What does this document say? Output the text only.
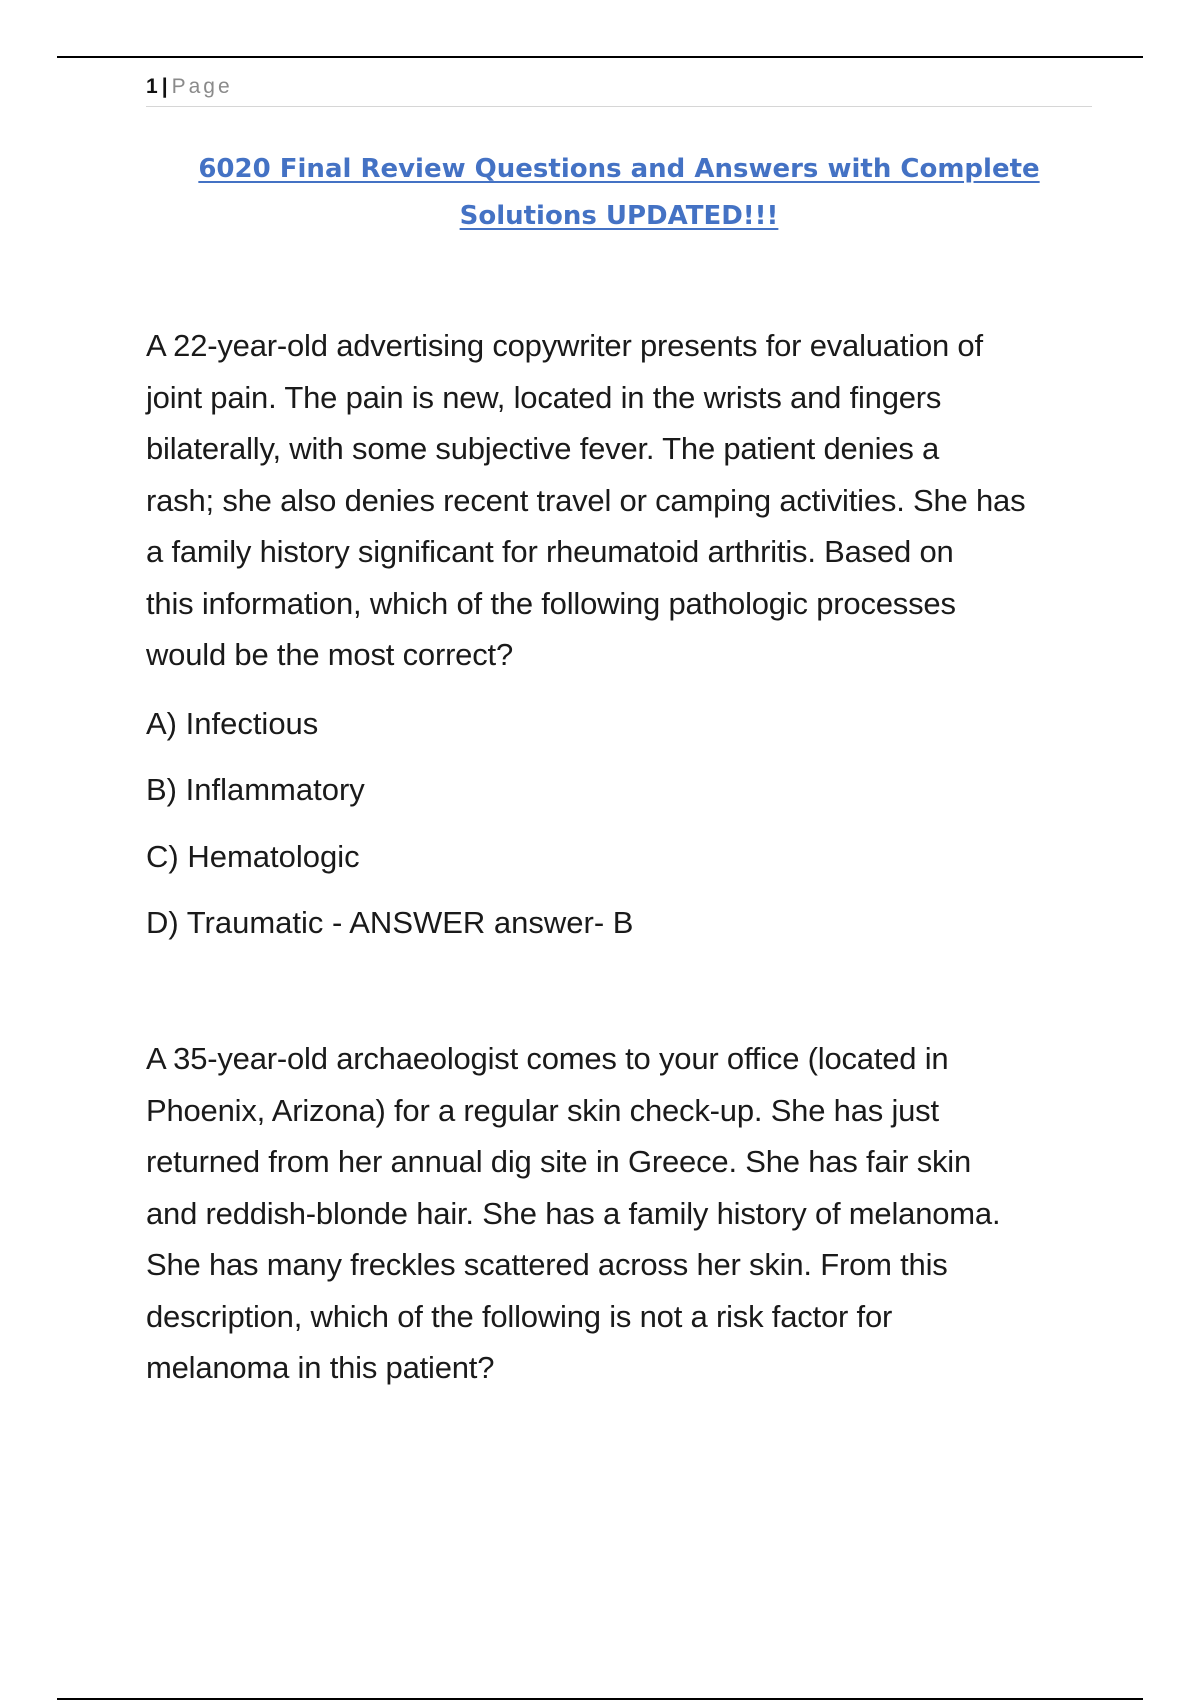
1 | Page
6020 Final Review Questions and Answers with Complete
Solutions UPDATED!!!

A 22-year-old advertising copywriter presents for evaluation of
joint pain. The pain is new, located in the wrists and fingers
bilaterally, with some subjective fever. The patient denies a
rash; she also denies recent travel or camping activities. She has
a family history significant for rheumatoid arthritis. Based on
this information, which of the following pathologic processes
would be the most correct?

A) Infectious
B) Inflammatory
C) Hematologic
D) Traumatic - ANSWER answer- B

A 35-year-old archaeologist comes to your office (located in
Phoenix, Arizona) for a regular skin check-up. She has just
returned from her annual dig site in Greece. She has fair skin
and reddish-blonde hair. She has a family history of melanoma.
She has many freckles scattered across her skin. From this
description, which of the following is not a risk factor for
melanoma in this patient?
